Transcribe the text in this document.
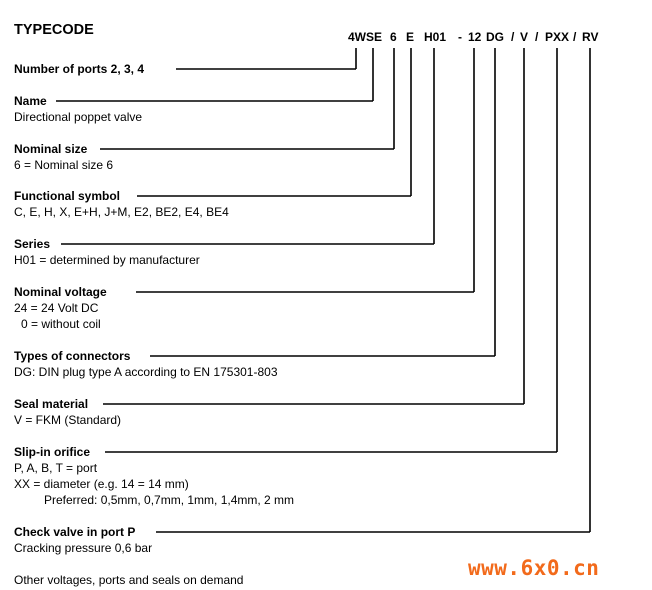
TYPECODE	4WSE 6 E H01 - 12 DG / V / PXX / RV
Number of ports 2, 3, 4
Name
Directional poppet valve
Nominal size
6 = Nominal size 6
Functional symbol
C, E, H, X, E+H, J+M, E2, BE2, E4, BE4
Series
H01 = determined by manufacturer
Nominal voltage
24 = 24 Volt DC
0 = without coil
Types of connectors
DG: DIN plug type A according to EN 175301-803
Seal material
V = FKM (Standard)
Slip-in orifice
P, A, B, T = port
XX = diameter (e.g. 14 = 14 mm)
Preferred: 0,5mm, 0,7mm, 1mm, 1,4mm, 2 mm
Check valve in port P
Cracking pressure 0,6 bar
Other voltages, ports and seals on demand	www.6x0.cn
